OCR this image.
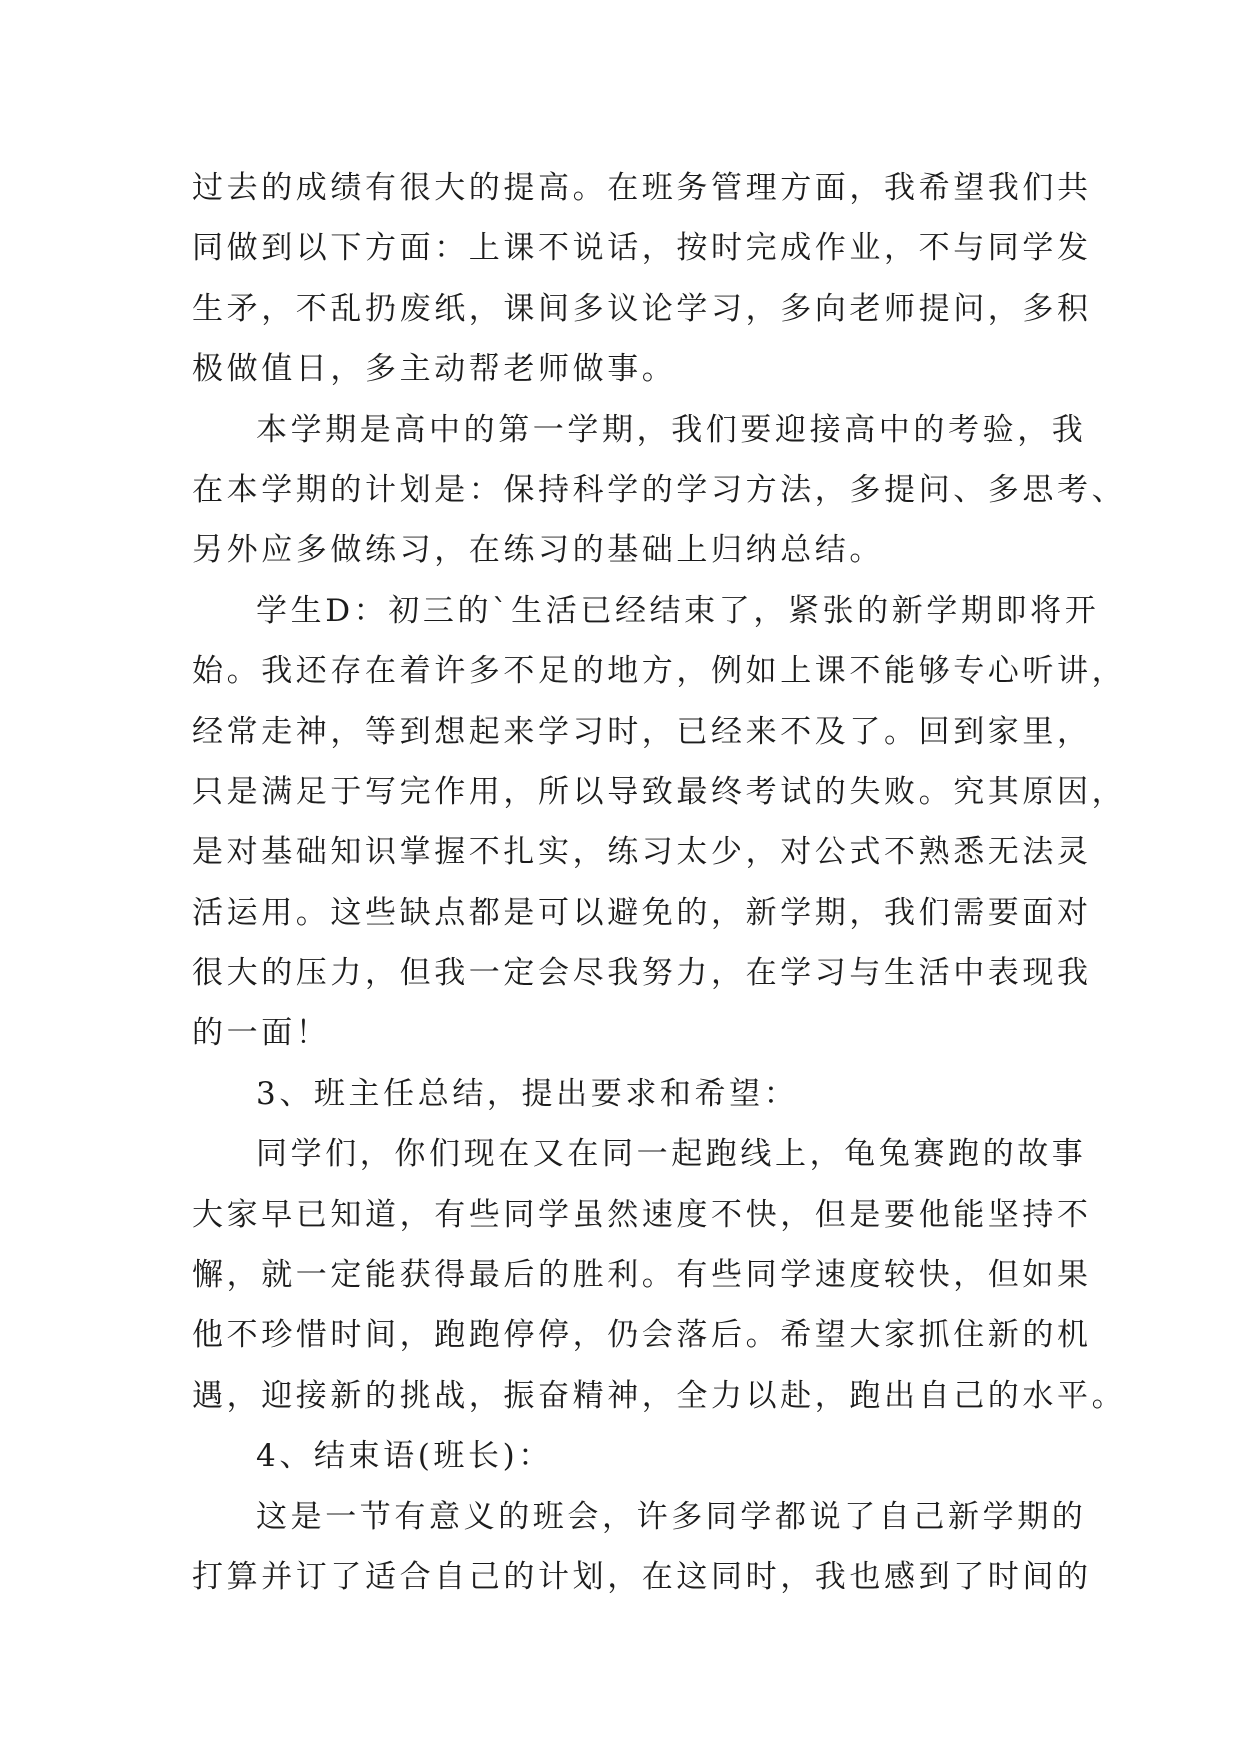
过去的成绩有很大的提高。在班务管理方面，我希望我们共
同做到以下方面：上课不说话，按时完成作业，不与同学发
生矛，不乱扔废纸，课间多议论学习，多向老师提问，多积
极做值日，多主动帮老师做事。
本学期是高中的第一学期，我们要迎接高中的考验，我
在本学期的计划是：保持科学的学习方法，多提问、多思考、
另外应多做练习，在练习的基础上归纳总结。
学生D：初三的`生活已经结束了，紧张的新学期即将开
始。我还存在着许多不足的地方，例如上课不能够专心听讲，
经常走神，等到想起来学习时，已经来不及了。回到家里，
只是满足于写完作用，所以导致最终考试的失败。究其原因，
是对基础知识掌握不扎实，练习太少，对公式不熟悉无法灵
活运用。这些缺点都是可以避免的，新学期，我们需要面对
很大的压力，但我一定会尽我努力，在学习与生活中表现我
的一面！
3、班主任总结，提出要求和希望：
同学们，你们现在又在同一起跑线上，龟兔赛跑的故事
大家早已知道，有些同学虽然速度不快，但是要他能坚持不
懈，就一定能获得最后的胜利。有些同学速度较快，但如果
他不珍惜时间，跑跑停停，仍会落后。希望大家抓住新的机
遇，迎接新的挑战，振奋精神，全力以赴，跑出自己的水平。
4、结束语(班长)：
这是一节有意义的班会，许多同学都说了自己新学期的
打算并订了适合自己的计划，在这同时，我也感到了时间的
